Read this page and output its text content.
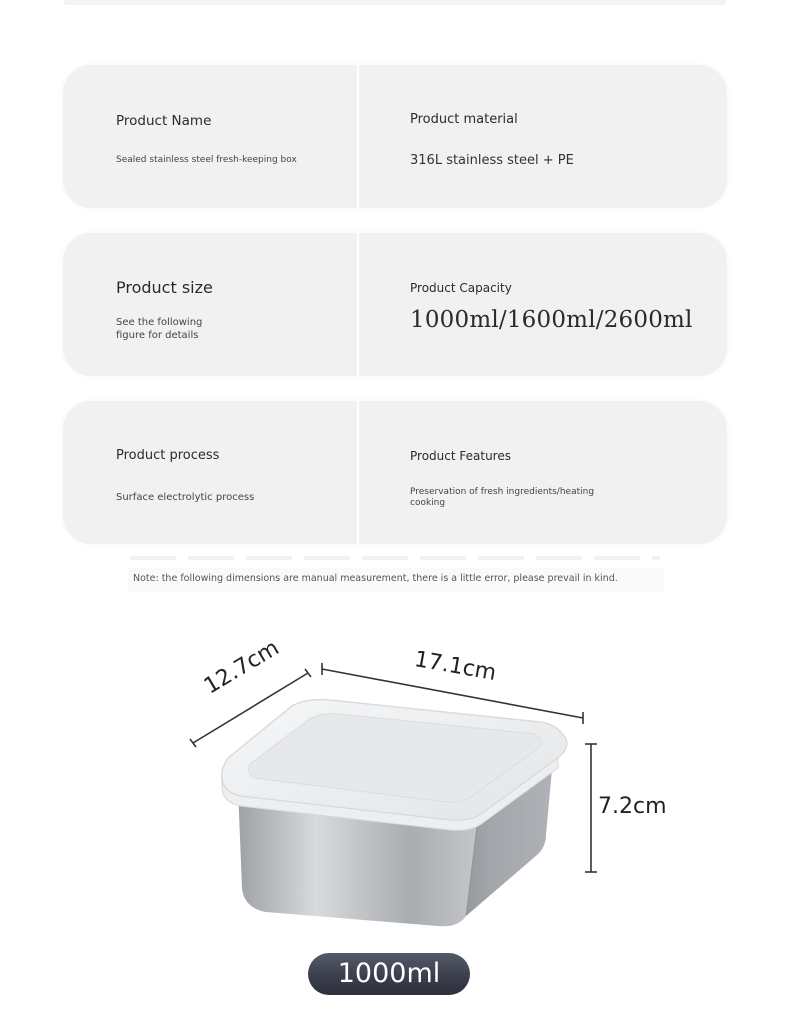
Product Name
Sealed stainless steel fresh-keeping box
Product material
316L stainless steel + PE
Product size
See the following
figure for details
Product Capacity
1000ml/1600ml/2600ml
Product process
Surface electrolytic process
Product Features
Preservation of fresh ingredients/heating
cooking
Note: the following dimensions are manual measurement, there is a little error, please prevail in kind.
12.7cm	17.1cm
7.2cm
1000ml
